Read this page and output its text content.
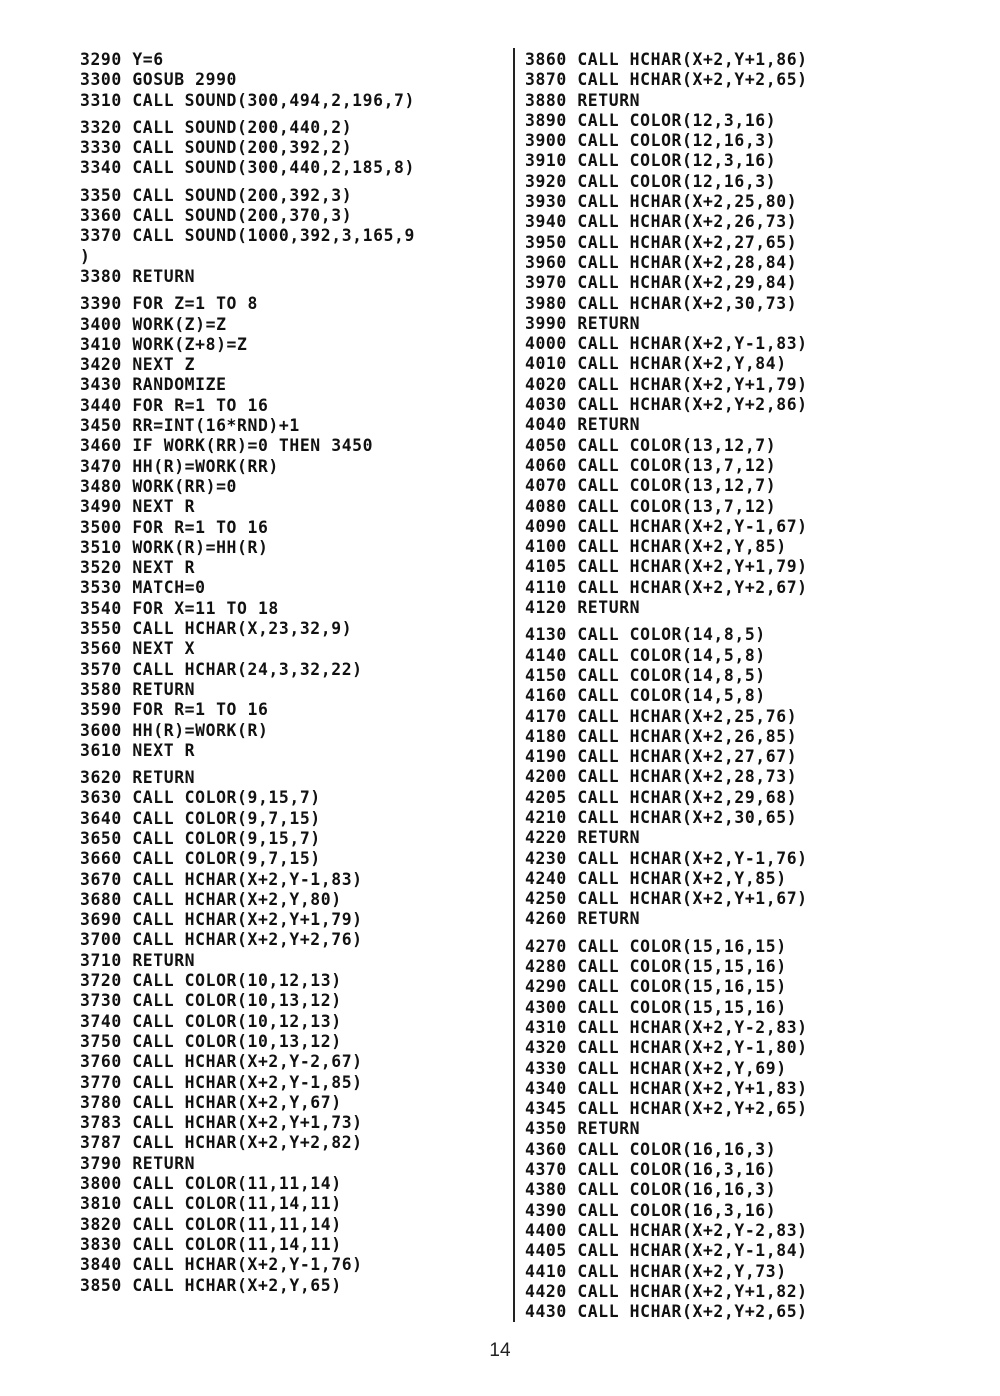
3290 Y=6
3300 GOSUB 2990
3310 CALL SOUND(300,494,2,196,7)
3320 CALL SOUND(200,440,2)
3330 CALL SOUND(200,392,2)
3340 CALL SOUND(300,440,2,185,8)
3350 CALL SOUND(200,392,3)
3360 CALL SOUND(200,370,3)
3370 CALL SOUND(1000,392,3,165,9
)
3380 RETURN
3390 FOR Z=1 TO 8
3400 WORK(Z)=Z
3410 WORK(Z+8)=Z
3420 NEXT Z
3430 RANDOMIZE
3440 FOR R=1 TO 16
3450 RR=INT(16*RND)+1
3460 IF WORK(RR)=0 THEN 3450
3470 HH(R)=WORK(RR)
3480 WORK(RR)=0
3490 NEXT R
3500 FOR R=1 TO 16
3510 WORK(R)=HH(R)
3520 NEXT R
3530 MATCH=0
3540 FOR X=11 TO 18
3550 CALL HCHAR(X,23,32,9)
3560 NEXT X
3570 CALL HCHAR(24,3,32,22)
3580 RETURN
3590 FOR R=1 TO 16
3600 HH(R)=WORK(R)
3610 NEXT R
3620 RETURN
3630 CALL COLOR(9,15,7)
3640 CALL COLOR(9,7,15)
3650 CALL COLOR(9,15,7)
3660 CALL COLOR(9,7,15)
3670 CALL HCHAR(X+2,Y-1,83)
3680 CALL HCHAR(X+2,Y,80)
3690 CALL HCHAR(X+2,Y+1,79)
3700 CALL HCHAR(X+2,Y+2,76)
3710 RETURN
3720 CALL COLOR(10,12,13)
3730 CALL COLOR(10,13,12)
3740 CALL COLOR(10,12,13)
3750 CALL COLOR(10,13,12)
3760 CALL HCHAR(X+2,Y-2,67)
3770 CALL HCHAR(X+2,Y-1,85)
3780 CALL HCHAR(X+2,Y,67)
3783 CALL HCHAR(X+2,Y+1,73)
3787 CALL HCHAR(X+2,Y+2,82)
3790 RETURN
3800 CALL COLOR(11,11,14)
3810 CALL COLOR(11,14,11)
3820 CALL COLOR(11,11,14)
3830 CALL COLOR(11,14,11)
3840 CALL HCHAR(X+2,Y-1,76)
3850 CALL HCHAR(X+2,Y,65)
3860 CALL HCHAR(X+2,Y+1,86)
3870 CALL HCHAR(X+2,Y+2,65)
3880 RETURN
3890 CALL COLOR(12,3,16)
3900 CALL COLOR(12,16,3)
3910 CALL COLOR(12,3,16)
3920 CALL COLOR(12,16,3)
3930 CALL HCHAR(X+2,25,80)
3940 CALL HCHAR(X+2,26,73)
3950 CALL HCHAR(X+2,27,65)
3960 CALL HCHAR(X+2,28,84)
3970 CALL HCHAR(X+2,29,84)
3980 CALL HCHAR(X+2,30,73)
3990 RETURN
4000 CALL HCHAR(X+2,Y-1,83)
4010 CALL HCHAR(X+2,Y,84)
4020 CALL HCHAR(X+2,Y+1,79)
4030 CALL HCHAR(X+2,Y+2,86)
4040 RETURN
4050 CALL COLOR(13,12,7)
4060 CALL COLOR(13,7,12)
4070 CALL COLOR(13,12,7)
4080 CALL COLOR(13,7,12)
4090 CALL HCHAR(X+2,Y-1,67)
4100 CALL HCHAR(X+2,Y,85)
4105 CALL HCHAR(X+2,Y+1,79)
4110 CALL HCHAR(X+2,Y+2,67)
4120 RETURN
4130 CALL COLOR(14,8,5)
4140 CALL COLOR(14,5,8)
4150 CALL COLOR(14,8,5)
4160 CALL COLOR(14,5,8)
4170 CALL HCHAR(X+2,25,76)
4180 CALL HCHAR(X+2,26,85)
4190 CALL HCHAR(X+2,27,67)
4200 CALL HCHAR(X+2,28,73)
4205 CALL HCHAR(X+2,29,68)
4210 CALL HCHAR(X+2,30,65)
4220 RETURN
4230 CALL HCHAR(X+2,Y-1,76)
4240 CALL HCHAR(X+2,Y,85)
4250 CALL HCHAR(X+2,Y+1,67)
4260 RETURN
4270 CALL COLOR(15,16,15)
4280 CALL COLOR(15,15,16)
4290 CALL COLOR(15,16,15)
4300 CALL COLOR(15,15,16)
4310 CALL HCHAR(X+2,Y-2,83)
4320 CALL HCHAR(X+2,Y-1,80)
4330 CALL HCHAR(X+2,Y,69)
4340 CALL HCHAR(X+2,Y+1,83)
4345 CALL HCHAR(X+2,Y+2,65)
4350 RETURN
4360 CALL COLOR(16,16,3)
4370 CALL COLOR(16,3,16)
4380 CALL COLOR(16,16,3)
4390 CALL COLOR(16,3,16)
4400 CALL HCHAR(X+2,Y-2,83)
4405 CALL HCHAR(X+2,Y-1,84)
4410 CALL HCHAR(X+2,Y,73)
4420 CALL HCHAR(X+2,Y+1,82)
4430 CALL HCHAR(X+2,Y+2,65)
14
